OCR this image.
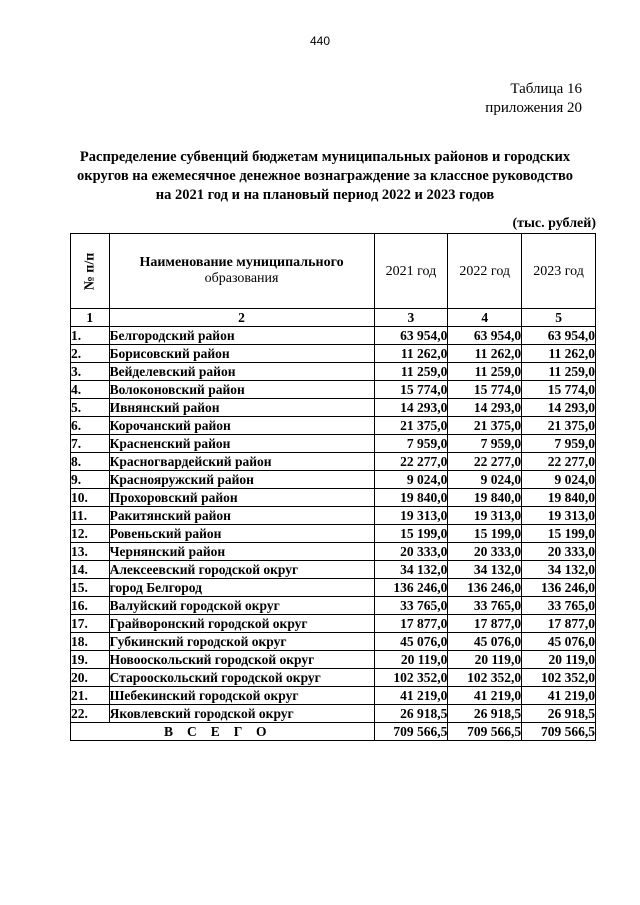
440
Таблица 16
приложения 20
Распределение субвенций бюджетам муниципальных районов и городских
округов на ежемесячное денежное вознаграждение за классное руководство
на 2021 год и на плановый период 2022 и 2023 годов
(тыс. рублей)
№ п/п	Наименование муниципального
образования	2021 год	2022 год	2023 год
1	2	3	4	5
1.	Белгородский район	63 954,0	63 954,0	63 954,0
2.	Борисовский район	11 262,0	11 262,0	11 262,0
3.	Вейделевский район	11 259,0	11 259,0	11 259,0
4.	Волоконовский район	15 774,0	15 774,0	15 774,0
5.	Ивнянский район	14 293,0	14 293,0	14 293,0
6.	Корочанский район	21 375,0	21 375,0	21 375,0
7.	Красненский район	7 959,0	7 959,0	7 959,0
8.	Красногвардейский район	22 277,0	22 277,0	22 277,0
9.	Краснояружский район	9 024,0	9 024,0	9 024,0
10.	Прохоровский район	19 840,0	19 840,0	19 840,0
11.	Ракитянский район	19 313,0	19 313,0	19 313,0
12.	Ровеньский район	15 199,0	15 199,0	15 199,0
13.	Чернянский район	20 333,0	20 333,0	20 333,0
14.	Алексеевский городской округ	34 132,0	34 132,0	34 132,0
15.	город Белгород	136 246,0	136 246,0	136 246,0
16.	Валуйский городской округ	33 765,0	33 765,0	33 765,0
17.	Грайворонский городской округ	17 877,0	17 877,0	17 877,0
18.	Губкинский городской округ	45 076,0	45 076,0	45 076,0
19.	Новооскольский городской округ	20 119,0	20 119,0	20 119,0
20.	Старооскольский городской округ	102 352,0	102 352,0	102 352,0
21.	Шебекинский городской округ	41 219,0	41 219,0	41 219,0
22.	Яковлевский городской округ	26 918,5	26 918,5	26 918,5
ВСЕГО		709 566,5	709 566,5	709 566,5
